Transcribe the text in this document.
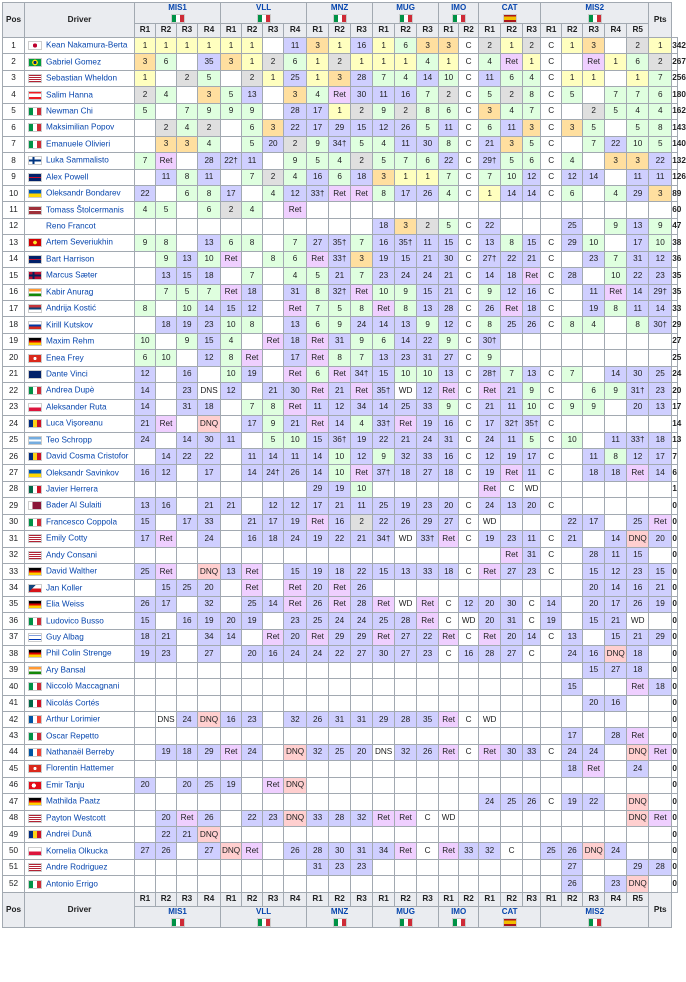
Pos	Driver	MIS1				VLL				MNZ			MUG			IMO		CAT			MIS2					Pts	
		R1	R2	R3	R4	R1	R2	R3	R4	R1	R2	R3	R1	R2	R3	R1	R2	R1	R2	R3	R1	R2	R3	R4	R5		
1	Kean Nakamura-Berta	1	1	1	1	1	1		11	3	1	16	1	6	3	3	C	2	1	2	C	1	3		2	1	342
2	Gabriel Gomez	3	6		35	3	1	2	6	1	2	1	1	1	4	1	C	4	Ret	1	C		Ret	1	6	2	267
3	Sebastian Wheldon	1		2	5		2	1	25	1	3	28	7	4	14	10	C	11	6	4	C	1	1		1	7	256
4	Salim Hanna	2	4		3	5	13		3	4	Ret	30	11	16	7	2	C	5	2	8	C	5		7	7	6	180
5	Newman Chi	5		7	9	9	9		28	17	1	2	9	2	8	6	C	3	4	7	C		2	5	4	4	162
6	Maksimilian Popov		2	4	2		6	3	22	17	29	15	12	26	5	11	C	6	11	3	C	3	5		5	8	143
7	Emanuele Olivieri		3	3	4		5	20	2	9	34†	5	4	11	30	8	C	21	3	5	C		7	22	10	5	140
8	Luka Sammalisto	7	Ret		28	22†	11		9	5	4	2	5	7	6	22	C	29†	5	6	C	4		3	3	22	132
9	Alex Powell		11	8	11		7	2	4	16	6	18	3	1	1	7	C	7	10	12	C	12	14		11	11	126
10	Oleksandr Bondarev	22		6	8	17		4	12	33†	Ret	Ret	8	17	26	4	C	1	14	14	C	6		4	29	3	89
11	Tomass Štolcermanis	4	5		6	2	4		Ret																		60
12	Reno Francot												18	3	2	5	C	22				25		9	13	9	47
13	Artem Severiukhin	9	8		13	6	8		7	27	35†	7	16	35†	11	15	C	13	8	15	C	29	10		17	10	38
14	Bart Harrison		9	13	10	Ret		8	6	Ret	33†	3	19	15	21	30	C	27†	22	21	C		23	7	31	12	36
15	Marcus Sæter		13	15	18		7		4	5	21	7	23	24	24	21	C	14	18	Ret	C	28		10	22	23	35
16	Kabir Anurag		7	5	7	Ret	18		31	8	32†	Ret	10	9	15	21	C	9	12	16	C		11	Ret	14	29†	35
17	Andrija Kostić	8		10	14	15	12		Ret	7	5	8	Ret	8	13	28	C	26	Ret	18	C		19	8	11	14	33
18	Kirill Kutskov		18	19	23	10	8		13	6	9	24	14	13	9	12	C	8	25	26	C	8	4		8	30†	29
19	Maxim Rehm	10		9	15	4		Ret	18	Ret	31	9	6	14	22	9	C	30†									27
20	Enea Frey	6	10		12	8	Ret		17	Ret	8	7	13	23	31	27	C	9									25
21	Dante Vinci	12		16		10	19		Ret	6	Ret	34†	15	10	10	13	C	28†	7	13	C	7		14	30	25	24
22	Andrea Dupè	14		23	DNS	12		21	30	Ret	21	Ret	35†	WD	12	Ret	C	Ret	21	9	C		6	9	31†	23	20
23	Aleksander Ruta	14		31	18		7	8	Ret	11	12	34	14	25	33	9	C	21	11	10	C	9	9		20	13	17
24	Luca Vişoreanu	21	Ret		DNQ		17	9	21	Ret	14	4	33†	Ret	19	16	C	17	32†	35†	C						14
25	Teo Schropp	24		14	30	11		5	10	15	36†	19	22	21	24	31	C	24	11	5	C	10		11	33†	18	13
26	David Cosma Cristofor		14	22	22		11	14	11	14	10	12	9	32	33	16	C	12	19	17	C		11	8	12	17	7
27	Oleksandr Savinkov	16	12		17		14	24†	26	14	10	Ret	37†	18	27	18	C	19	Ret	11	C		18	18	Ret	14	6
28	Javier Herrera									29	19	10						Ret	C	WD							1
29	Bader Al Sulaiti	13	16		21	21		12	12	17	21	11	25	19	23	20	C	24	13	20	C						0
30	Francesco Coppola	15		17	33		21	17	19	Ret	16	2	22	26	29	27	C	WD				22	17		25	Ret	0
31	Emily Cotty	17	Ret		24		16	18	24	19	22	21	34†	WD	33†	Ret	C	19	23	11	C	21		14	DNQ	20	0
32	Andy Consani																		Ret	31	C		28	11	15		0
33	David Walther	25	Ret		DNQ	13	Ret		15	19	18	22	15	13	33	18	C	Ret	27	23	C		15	12	23	15	0
34	Jan Koller		15	25	20		Ret		Ret	20	Ret	26											20	14	16	21	0
35	Elia Weiss	26	17		32		25	14	Ret	26	Ret	28	Ret	WD	Ret	C	12	20	30	C	14		20	17	26	19	0
36	Ludovico Busso	15		16	19	20	19		23	25	24	24	25	28	Ret	C	WD	20	31	C	19		15	21	WD		0
37	Guy Albag	18	21		34	14		Ret	20	Ret	29	29	Ret	27	22	Ret	C	Ret	20	14	C	13		15	21	29	0
38	Phil Colin Strenge	19	23		27		20	16	24	24	22	27	30	27	23	C	16	28	27	C		24	16	DNQ	18		0
39	Ary Bansal																						15	27	18		0
40	Niccolò Maccagnani																					15			Ret	18	0
41	Nicolás Cortés																						20	16			0
42	Arthur Lorimier		DNS	24	DNQ	16	23		32	26	31	31	29	28	35	Ret	C	WD									0
43	Oscar Repetto																					17		28	Ret		0
44	Nathanaël Berreby		19	18	29	Ret	24		DNQ	32	25	20	DNS	32	26	Ret	C	Ret	30	33	C	24	24		DNQ	Ret	0
45	Florentin Hattemer																					18	Ret		24		0
46	Emir Tanju	20		20	25	19		Ret	DNQ																		0
47	Mathilda Paatz																	24	25	26	C	19	22		DNQ		0
48	Payton Westcott		20	Ret	26		22	23	DNQ	33	28	32	Ret	Ret	C	WD									DNQ	Ret	0
49	Andrei Dună		22	21	DNQ																						0
50	Kornelia Olkucka	27	26		27	DNQ	Ret		26	28	30	31	34	Ret	C	Ret	33	32	C		25	26	DNQ	24			0
51	Andre Rodriguez									31	23	23										27			29	28	0
52	Antonio Errigo																					26		23	DNQ		0
Pos	Driver	R1	R2	R3	R4	R1	R2	R3	R4	R1	R2	R3	R1	R2	R3	R1	R2	R1	R2	R3	R1	R2	R3	R4	R5	Pts	

		MIS1				VLL				MNZ			MUG			IMO		CAT			MIS2						
